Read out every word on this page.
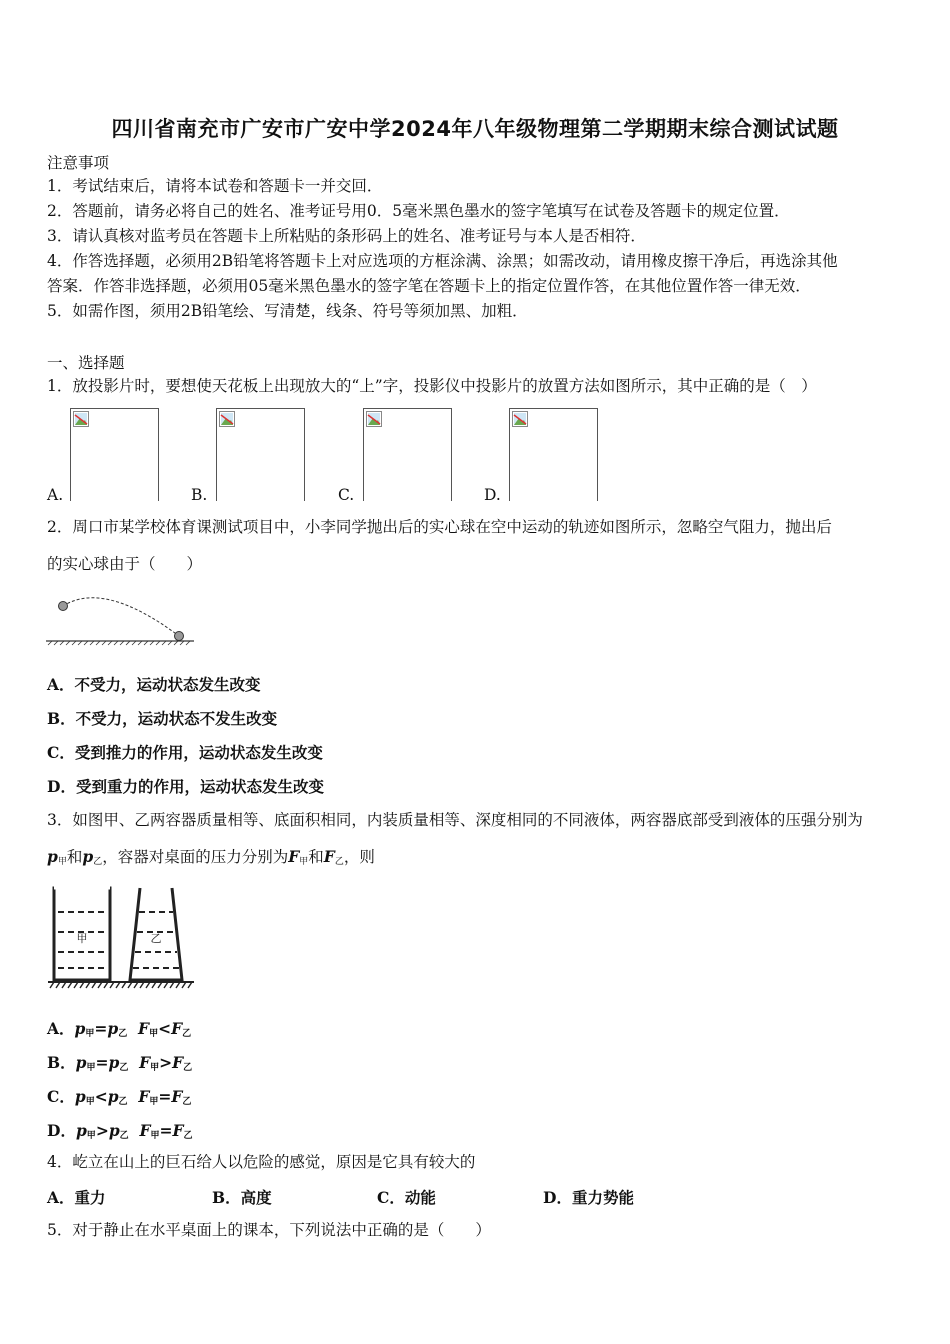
四川省南充市广安市广安中学2024年八年级物理第二学期期末综合测试试题
注意事项
1．考试结束后，请将本试卷和答题卡一并交回．
2．答题前，请务必将自己的姓名、准考证号用0．5毫米黑色墨水的签字笔填写在试卷及答题卡的规定位置．
3．请认真核对监考员在答题卡上所粘贴的条形码上的姓名、准考证号与本人是否相符．
4．作答选择题，必须用2B铅笔将答题卡上对应选项的方框涂满、涂黑；如需改动，请用橡皮擦干净后，再选涂其他
答案．作答非选择题，必须用05毫米黑色墨水的签字笔在答题卡上的指定位置作答，在其他位置作答一律无效．
5．如需作图，须用2B铅笔绘、写清楚，线条、符号等须加黑、加粗．
一、选择题
1．放投影片时，要想使天花板上出现放大的“上”字，投影仪中投影片的放置方法如图所示，其中正确的是（　）
A.	B.	C.	D.
2．周口市某学校体育课测试项目中，小李同学抛出后的实心球在空中运动的轨迹如图所示，忽略空气阻力，抛出后
的实心球由于（　　）
A．不受力，运动状态发生改变
B．不受力，运动状态不发生改变
C．受到推力的作用，运动状态发生改变
D．受到重力的作用，运动状态发生改变
3．如图甲、乙两容器质量相等、底面积相同，内装质量相等、深度相同的不同液体，两容器底部受到液体的压强分别为
$p_甲$和$p_乙$，容器对桌面的压力分别为$F_甲$和$F_乙$，则
甲	乙
A．$p_甲=p_乙$ $F_甲<F_乙$
B．$p_甲=p_乙$ $F_甲>F_乙$
C．$p_甲<p_乙$ $F_甲=F_乙$
D．$p_甲>p_乙$ $F_甲=F_乙$
4．屹立在山上的巨石给人以危险的感觉，原因是它具有较大的
A．重力	B．高度	C．动能	D．重力势能
5．对于静止在水平桌面上的课本，下列说法中正确的是（　　）
